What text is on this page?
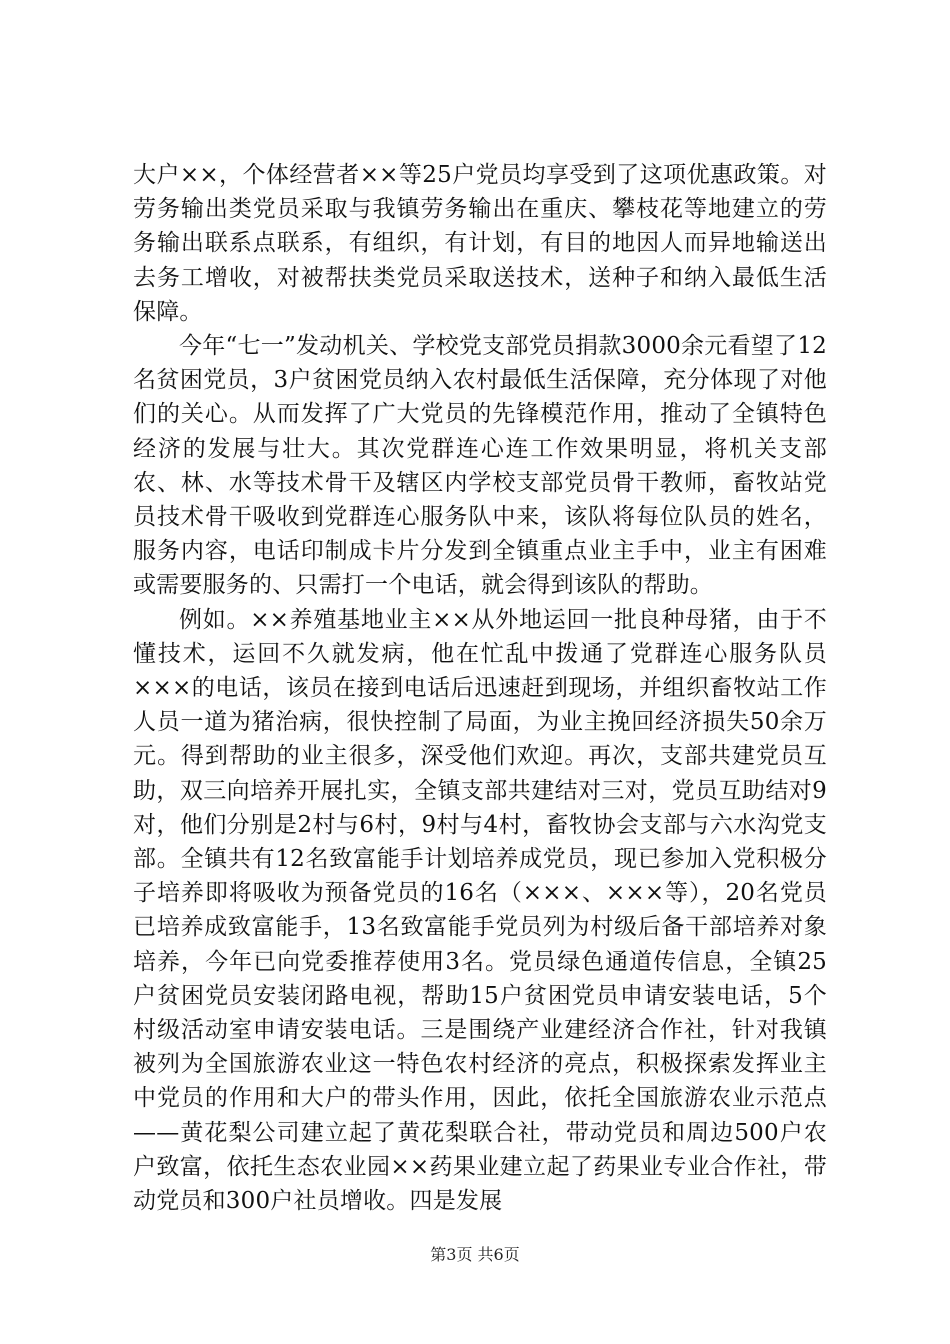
大户××，个体经营者××等25户党员均享受到了这项优惠政策。对劳务输出类党员采取与我镇劳务输出在重庆、攀枝花等地建立的劳务输出联系点联系，有组织，有计划，有目的地因人而异地输送出去务工增收，对被帮扶类党员采取送技术，送种子和纳入最低生活保障。

今年“七一”发动机关、学校党支部党员捐款3000余元看望了12名贫困党员，3户贫困党员纳入农村最低生活保障，充分体现了对他们的关心。从而发挥了广大党员的先锋模范作用，推动了全镇特色经济的发展与壮大。其次党群连心连工作效果明显，将机关支部农、林、水等技术骨干及辖区内学校支部党员骨干教师，畜牧站党员技术骨干吸收到党群连心服务队中来，该队将每位队员的姓名，服务内容，电话印制成卡片分发到全镇重点业主手中，业主有困难或需要服务的、只需打一个电话，就会得到该队的帮助。

例如。××养殖基地业主××从外地运回一批良种母猪，由于不懂技术，运回不久就发病，他在忙乱中拨通了党群连心服务队员×××的电话，该员在接到电话后迅速赶到现场，并组织畜牧站工作人员一道为猪治病，很快控制了局面，为业主挽回经济损失50余万元。得到帮助的业主很多，深受他们欢迎。再次，支部共建党员互助，双三向培养开展扎实，全镇支部共建结对三对，党员互助结对9对，他们分别是2村与6村，9村与4村，畜牧协会支部与六水沟党支部。全镇共有12名致富能手计划培养成党员，现已参加入党积极分子培养即将吸收为预备党员的16名（×××、×××等），20名党员已培养成致富能手，13名致富能手党员列为村级后备干部培养对象培养，今年已向党委推荐使用3名。党员绿色通道传信息，全镇25户贫困党员安装闭路电视，帮助15户贫困党员申请安装电话，5个村级活动室申请安装电话。三是围绕产业建经济合作社，针对我镇被列为全国旅游农业这一特色农村经济的亮点，积极探索发挥业主中党员的作用和大户的带头作用，因此，依托全国旅游农业示范点——黄花梨公司建立起了黄花梨联合社，带动党员和周边500户农户致富，依托生态农业园××药果业建立起了药果业专业合作社，带动党员和300户社员增收。四是发展

第3页 共6页
